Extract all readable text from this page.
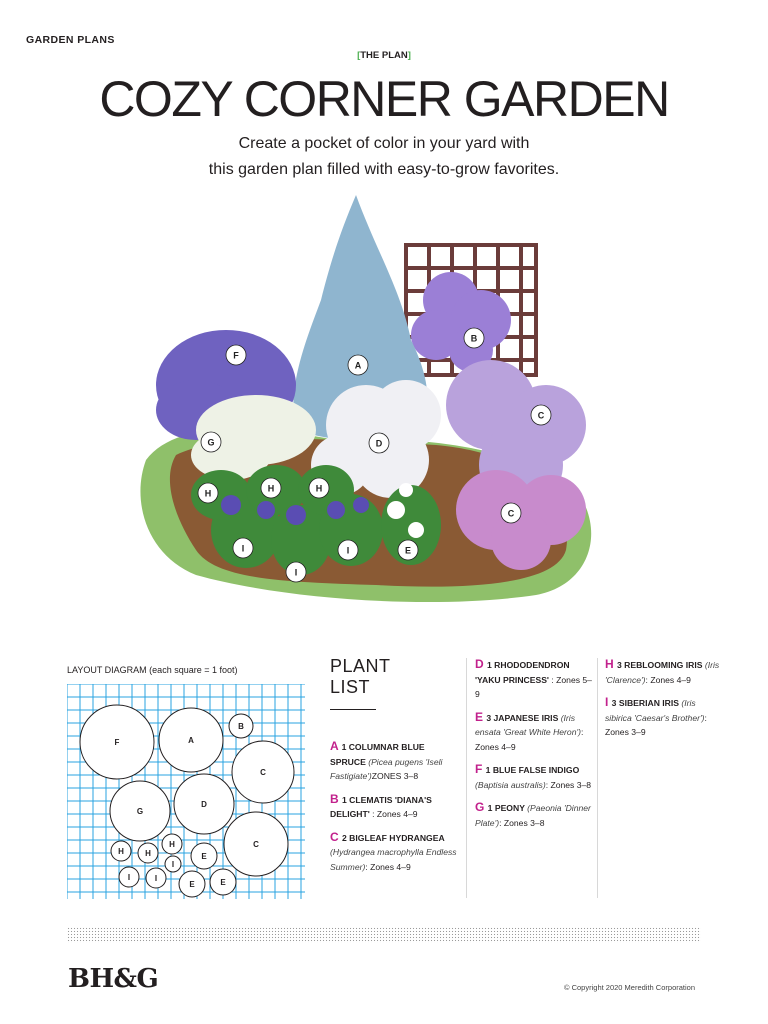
GARDEN PLANS
[THE PLAN]
COZY CORNER GARDEN
Create a pocket of color in your yard with
this garden plan filled with easy-to-grow favorites.
F
A
B
C
G	D
H	H	H
C
I	I
I
E
LAYOUT DIAGRAM (each square = 1 foot)
F	A
B
C
G
D
C
H	H
H
I
I	I
E
E	E
PLANT
LIST
A 1 COLUMNAR BLUE SPRUCE (Picea pugens 'Iseli Fastigiate')ZONES 3–8
B 1 CLEMATIS 'DIANA'S DELIGHT' : Zones 4–9
C 2 BIGLEAF HYDRANGEA (Hydrangea macrophylla Endless Summer): Zones 4–9
D 1 RHODODENDRON 'YAKU PRINCESS' : Zones 5–9
E 3 JAPANESE IRIS (Iris ensata 'Great White Heron'): Zones 4–9
F 1 BLUE FALSE INDIGO (Baptisia australis): Zones 3–8
G 1 PEONY (Paeonia 'Dinner Plate'): Zones 3–8
H 3 REBLOOMING IRIS (Iris 'Clarence'): Zones 4–9
I 3 SIBERIAN IRIS (Iris sibirica 'Caesar's Brother'): Zones 3–9
BH&G	© Copyright 2020 Meredith Corporation
